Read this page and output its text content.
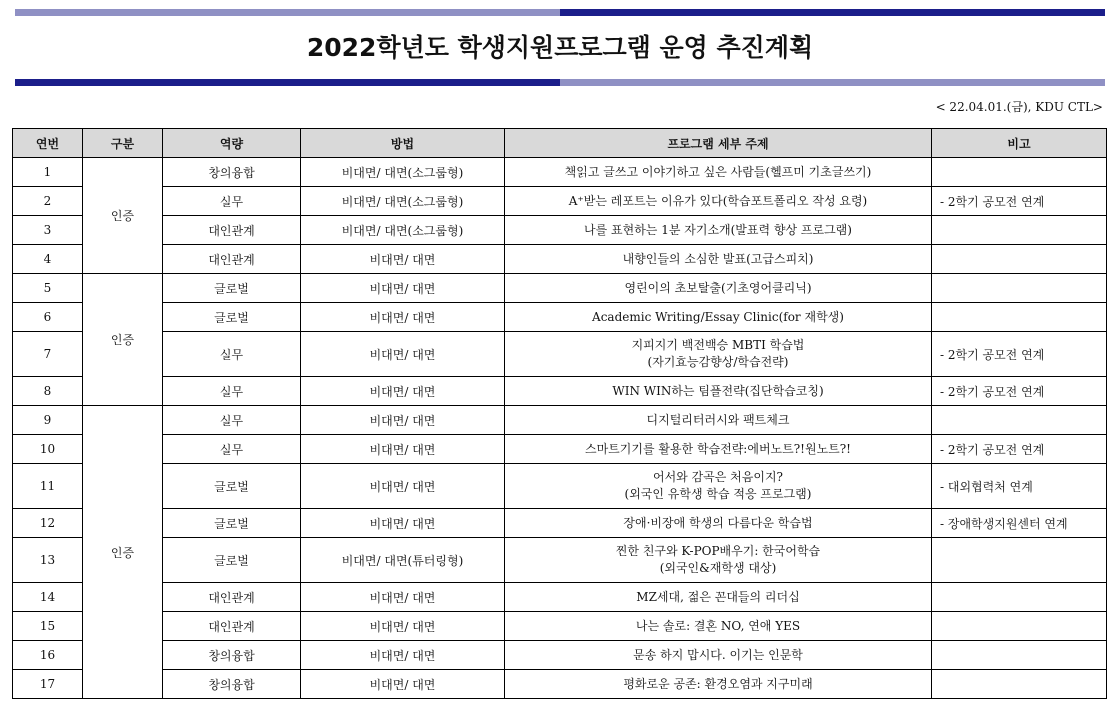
2022학년도 학생지원프로그램 운영 추진계획
< 22.04.01.(금), KDU CTL>
연번	구분	역량	방법	프로그램 세부 주제	비고
1	인증	창의융합	비대면/ 대면(소그룹형)	책읽고 글쓰고 이야기하고 싶은 사람들(헬프미 기초글쓰기)	

2		실무	비대면/ 대면(소그룹형)	A⁺받는 레포트는 이유가 있다(학습포트폴리오 작성 요령)	- 2학기 공모전 연계
3		대인관계	비대면/ 대면(소그룹형)	나를 표현하는 1분 자기소개(발표력 향상 프로그램)	

4		대인관계	비대면/ 대면	내향인들의 소심한 발표(고급스피치)	

5	인증	글로벌	비대면/ 대면	영린이의 초보탈출(기초영어클리닉)	

6		글로벌	비대면/ 대면	Academic Writing/Essay Clinic(for 재학생)	

7		실무	비대면/ 대면	지피지기 백전백승 MBTI 학습법
(자기효능감향상/학습전략)	- 2학기 공모전 연계
8		실무	비대면/ 대면	WIN WIN하는 팀플전략(집단학습코칭)	- 2학기 공모전 연계
9	인증	실무	비대면/ 대면	디지털리터러시와 팩트체크	

10		실무	비대면/ 대면	스마트기기를 활용한 학습전략:에버노트?!원노트?!	- 2학기 공모전 연계
11		글로벌	비대면/ 대면	어서와 감곡은 처음이지?
(외국인 유학생 학습 적응 프로그램)	- 대외협력처 연계
12		글로벌	비대면/ 대면	장애·비장애 학생의 다름다운 학습법	- 장애학생지원센터 연계
13		글로벌	비대면/ 대면(튜터링형)	찐한 친구와 K-POP배우기: 한국어학습
(외국인&재학생 대상)	

14		대인관계	비대면/ 대면	MZ세대, 젊은 꼰대들의 리더십	

15		대인관계	비대면/ 대면	나는 솔로: 결혼 NO, 연애 YES	

16		창의융합	비대면/ 대면	문송 하지 맙시다. 이기는 인문학	

17		창의융합	비대면/ 대면	평화로운 공존: 환경오염과 지구미래	
